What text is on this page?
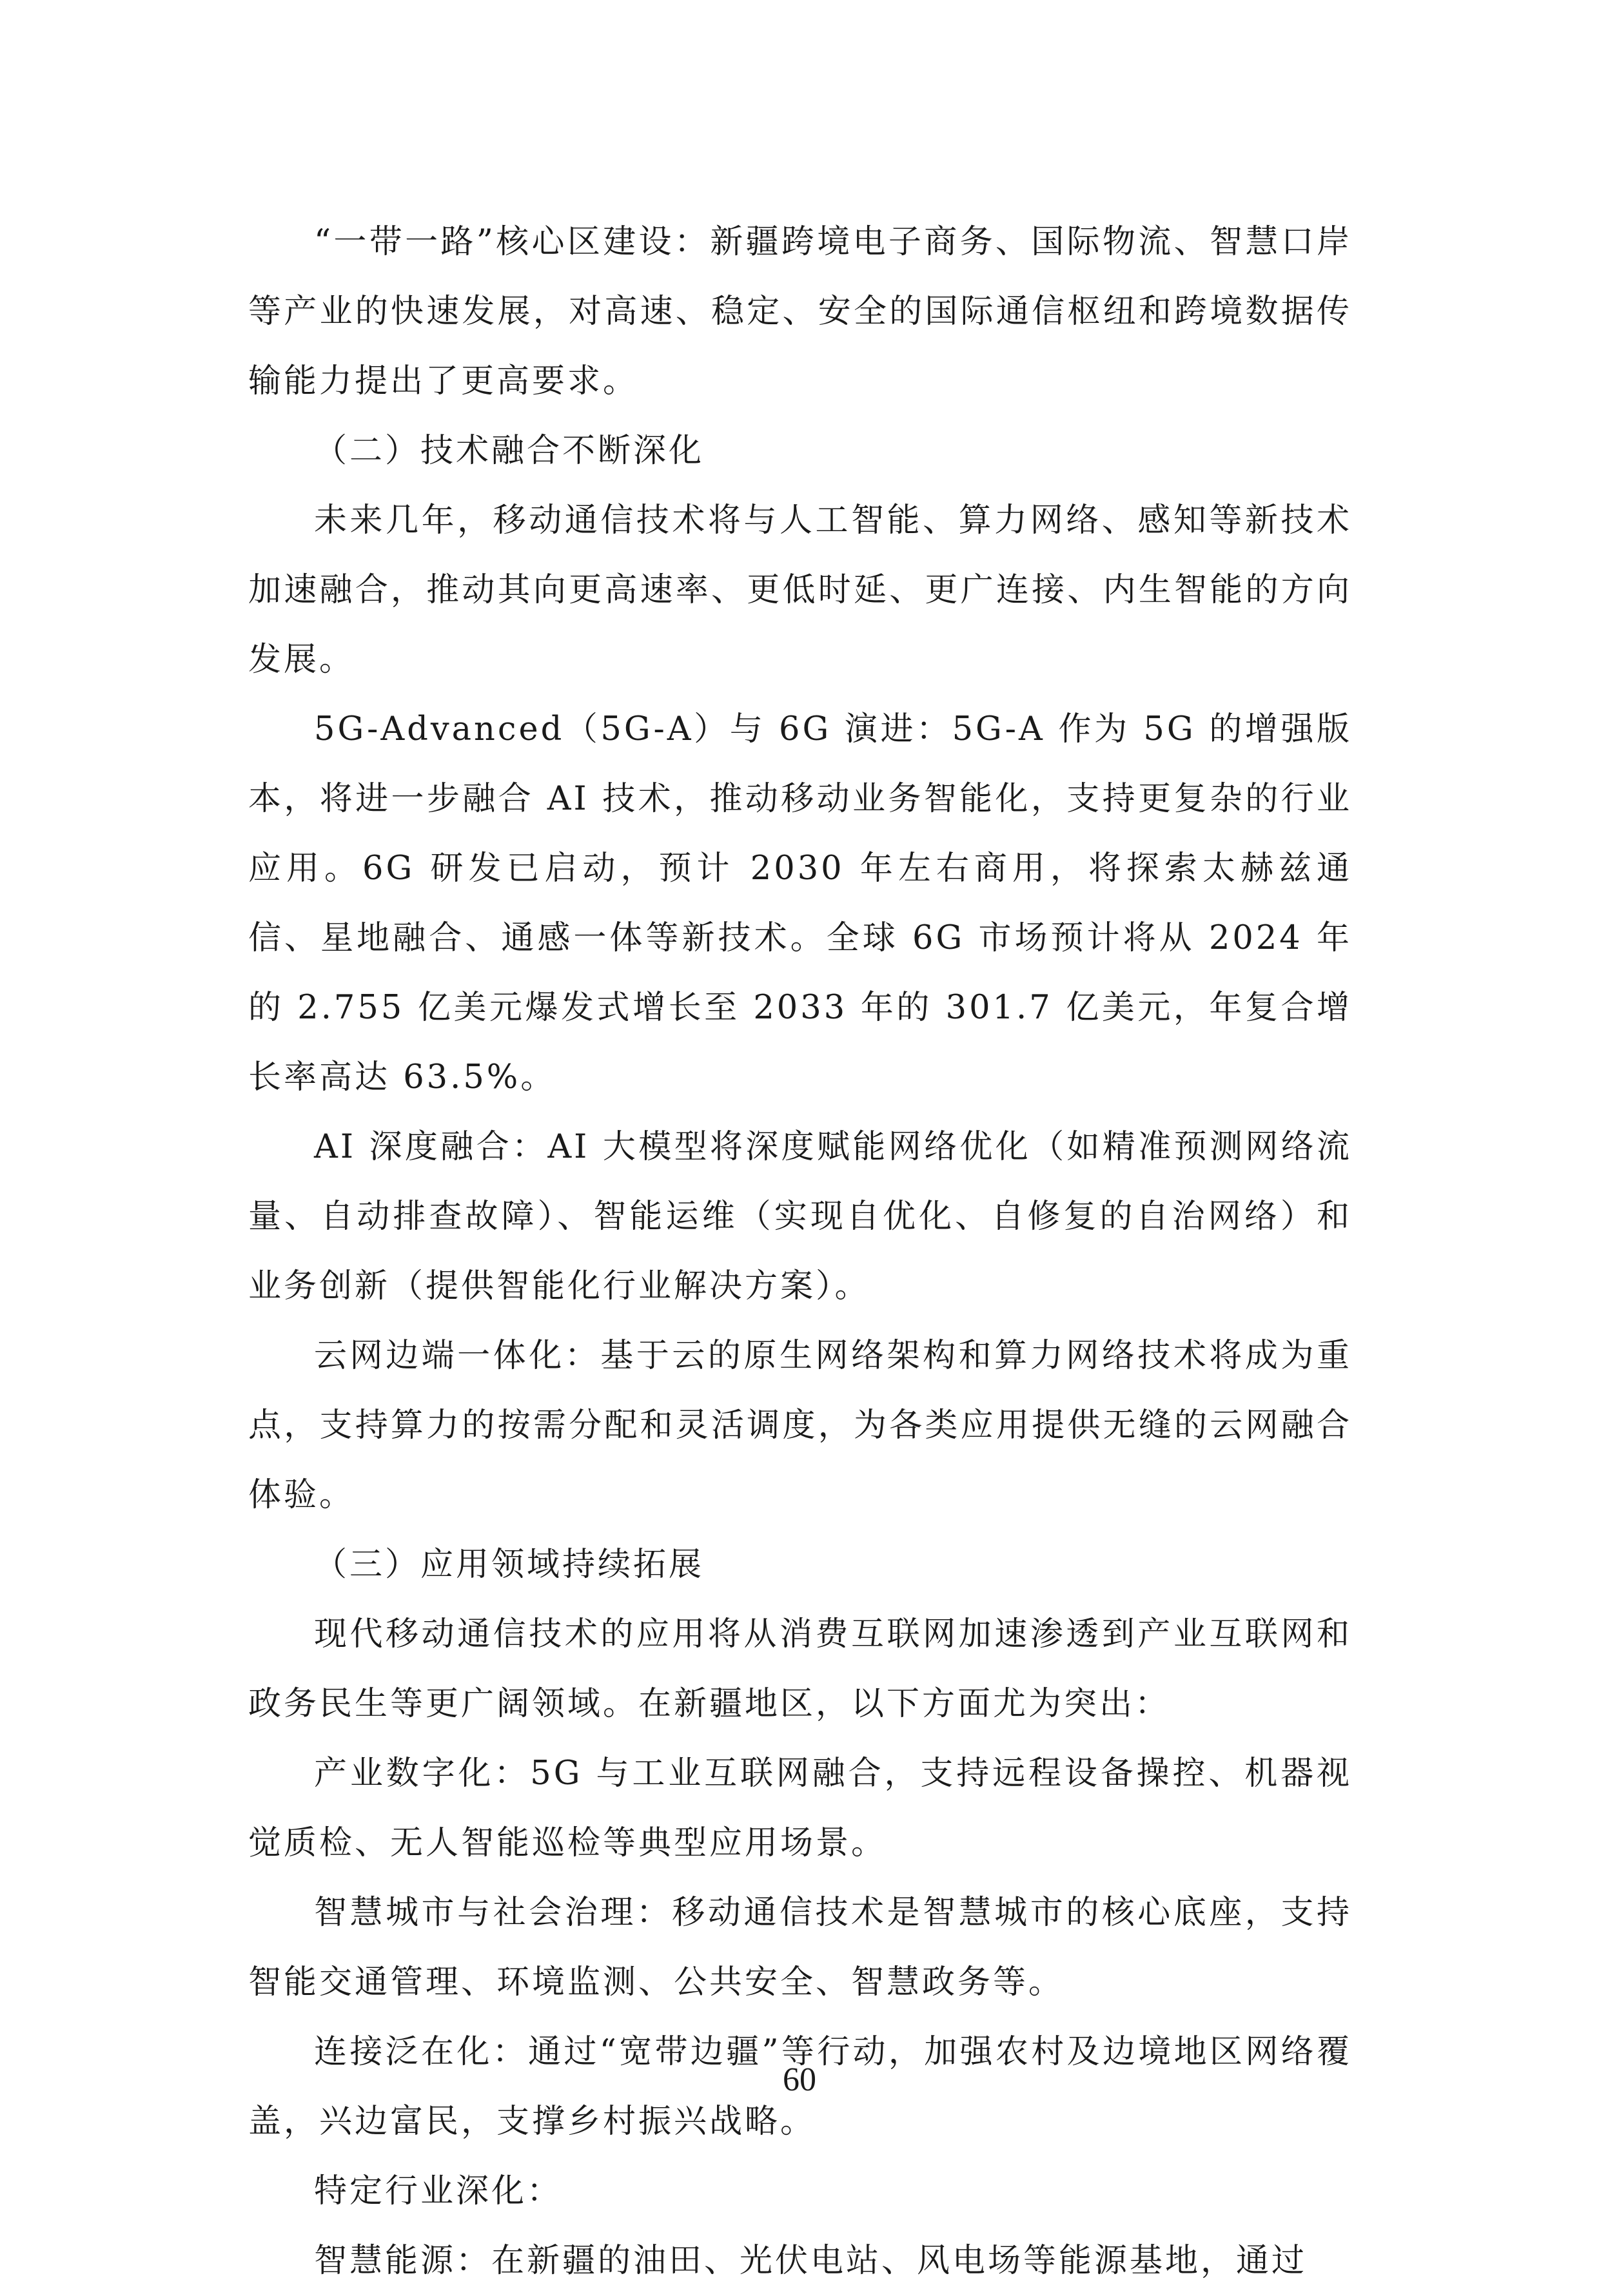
“一带一路”核心区建设：新疆跨境电子商务、国际物流、智慧口岸等产业的快速发展，对高速、稳定、安全的国际通信枢纽和跨境数据传输能力提出了更高要求。

（二）技术融合不断深化

未来几年，移动通信技术将与人工智能、算力网络、感知等新技术加速融合，推动其向更高速率、更低时延、更广连接、内生智能的方向发展。

5G-Advanced（5G-A）与 6G 演进：5G-A 作为 5G 的增强版本，将进一步融合 AI 技术，推动移动业务智能化，支持更复杂的行业应用。6G 研发已启动，预计 2030 年左右商用，将探索太赫兹通信、星地融合、通感一体等新技术。全球 6G 市场预计将从 2024 年的 2.755 亿美元爆发式增长至 2033 年的 301.7 亿美元，年复合增长率高达 63.5%。

AI 深度融合：AI 大模型将深度赋能网络优化（如精准预测网络流量、自动排查故障）、智能运维（实现自优化、自修复的自治网络）和业务创新（提供智能化行业解决方案）。

云网边端一体化：基于云的原生网络架构和算力网络技术将成为重点，支持算力的按需分配和灵活调度，为各类应用提供无缝的云网融合体验。

（三）应用领域持续拓展

现代移动通信技术的应用将从消费互联网加速渗透到产业互联网和政务民生等更广阔领域。在新疆地区，以下方面尤为突出：

产业数字化：5G 与工业互联网融合，支持远程设备操控、机器视觉质检、无人智能巡检等典型应用场景。

智慧城市与社会治理：移动通信技术是智慧城市的核心底座，支持智能交通管理、环境监测、公共安全、智慧政务等。

连接泛在化：通过“宽带边疆”等行动，加强农村及边境地区网络覆盖，兴边富民，支撑乡村振兴战略。

特定行业深化：

智慧能源：在新疆的油田、光伏电站、风电场等能源基地，通过

60
